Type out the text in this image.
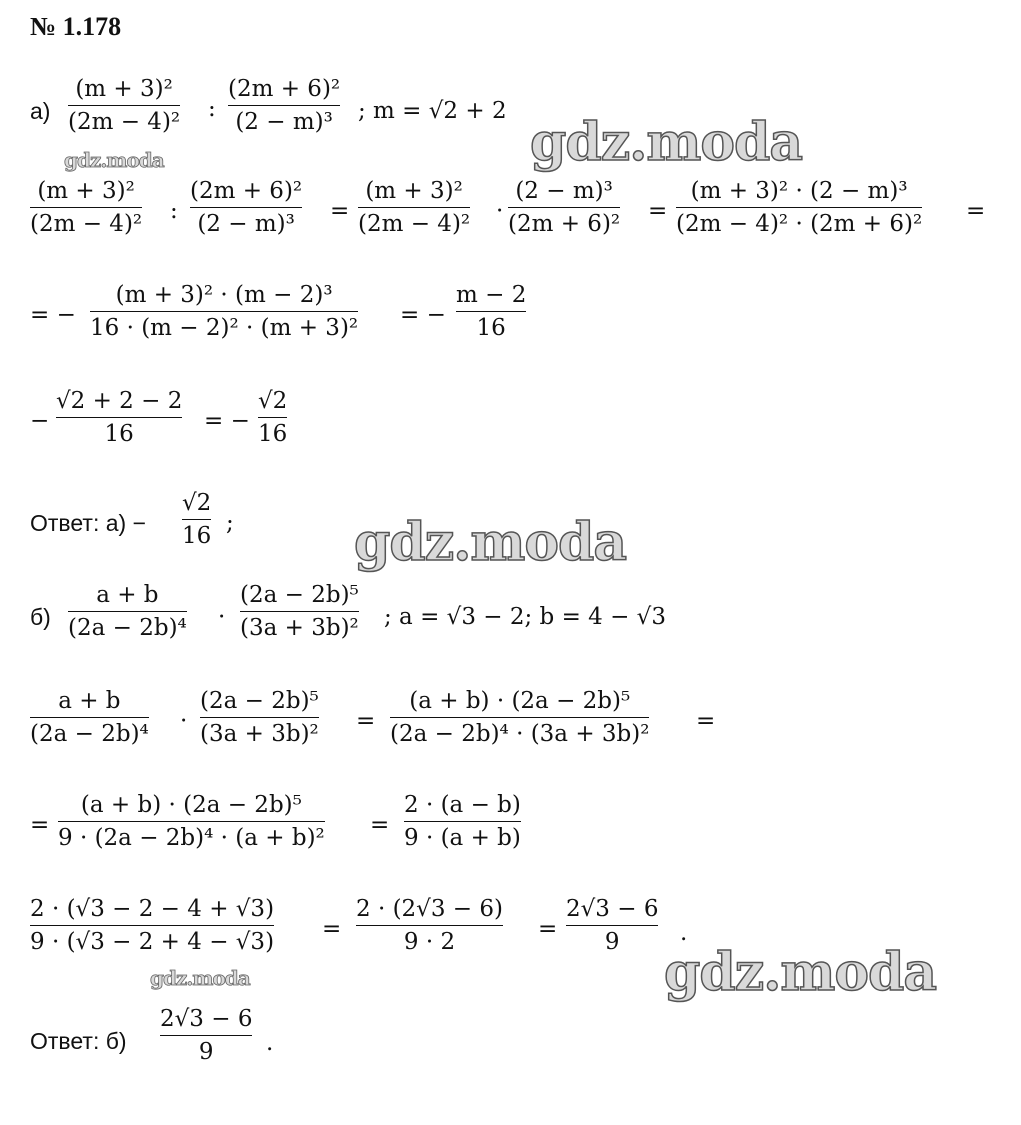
№ 1.178
а)
(m + 3)²
(2m − 4)² :
(2m + 6)²
(2 − m)³ ; m = √2 + 2
(m + 3)²
(2m − 4)² :
(2m + 6)²
(2 − m)³ =
(m + 3)²
(2m − 4)² ·
(2 − m)³
(2m + 6)² =
(m + 3)² · (2 − m)³
(2m − 4)² · (2m + 6)² =
= −
(m + 3)² · (m − 2)³
16 · (m − 2)² · (m + 3)² = −
m − 2
16
−
√2 + 2 − 2
16	= −
√2
16
Ответ: а) −
√2
16 ;
б)
a + b
(2a − 2b)⁴ ·
(2a − 2b)⁵
(3a + 3b)² ; a = √3 − 2; b = 4 − √3
a + b
(2a − 2b)⁴ ·
(2a − 2b)⁵
(3a + 3b)² =
(a + b) · (2a − 2b)⁵
(2a − 2b)⁴ · (3a + 3b)² =
=
(a + b) · (2a − 2b)⁵
9 · (2a − 2b)⁴ · (a + b)² =
2 · (a − b)
9 · (a + b)
2 · (√3 − 2 − 4 + √3)
9 · (√3 − 2 + 4 − √3) =
2 · (2√3 − 6)
9 · 2	=
2√3 − 6
9	.
Ответ: б)
2√3 − 6
9 .
gdz.moda
gdz.moda
gdz.moda
gdz.moda	gdz.moda
